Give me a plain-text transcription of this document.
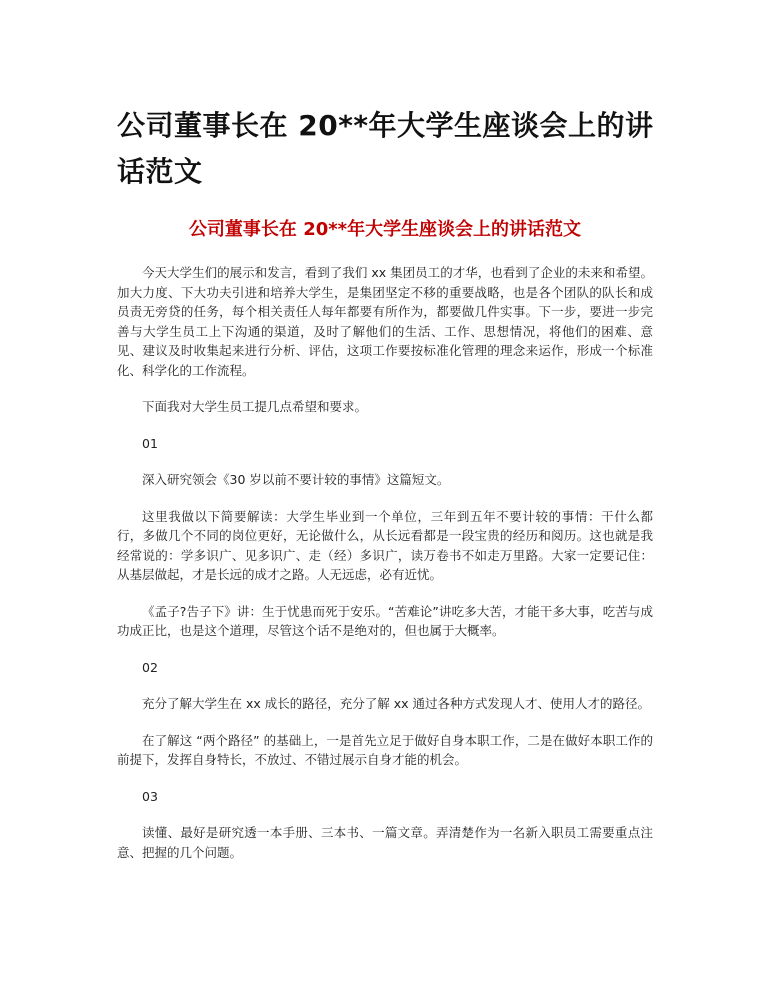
公司董事长在 20**年大学生座谈会上的讲话范文
公司董事长在 20**年大学生座谈会上的讲话范文

今天大学生们的展示和发言，看到了我们 xx 集团员工的才华，也看到了企业的未来和希望。加大力度、下大功夫引进和培养大学生，是集团坚定不移的重要战略，也是各个团队的队长和成员责无旁贷的任务，每个相关责任人每年都要有所作为，都要做几件实事。下一步，要进一步完善与大学生员工上下沟通的渠道，及时了解他们的生活、工作、思想情况，将他们的困难、意见、建议及时收集起来进行分析、评估，这项工作要按标准化管理的理念来运作，形成一个标准化、科学化的工作流程。

下面我对大学生员工提几点希望和要求。

01

深入研究领会《30 岁以前不要计较的事情》这篇短文。

这里我做以下简要解读：大学生毕业到一个单位，三年到五年不要计较的事情：干什么都行，多做几个不同的岗位更好，无论做什么，从长远看都是一段宝贵的经历和阅历。这也就是我经常说的：学多识广、见多识广、走（经）多识广，读万卷书不如走万里路。大家一定要记住：从基层做起，才是长远的成才之路。人无远虑，必有近忧。

《孟子?告子下》讲：生于忧患而死于安乐。“苦难论”讲吃多大苦，才能干多大事，吃苦与成功成正比，也是这个道理，尽管这个话不是绝对的，但也属于大概率。

02

充分了解大学生在 xx 成长的路径，充分了解 xx 通过各种方式发现人才、使用人才的路径。

在了解这 “两个路径” 的基础上，一是首先立足于做好自身本职工作，二是在做好本职工作的前提下，发挥自身特长，不放过、不错过展示自身才能的机会。

03

读懂、最好是研究透一本手册、三本书、一篇文章。弄清楚作为一名新入职员工需要重点注意、把握的几个问题。
